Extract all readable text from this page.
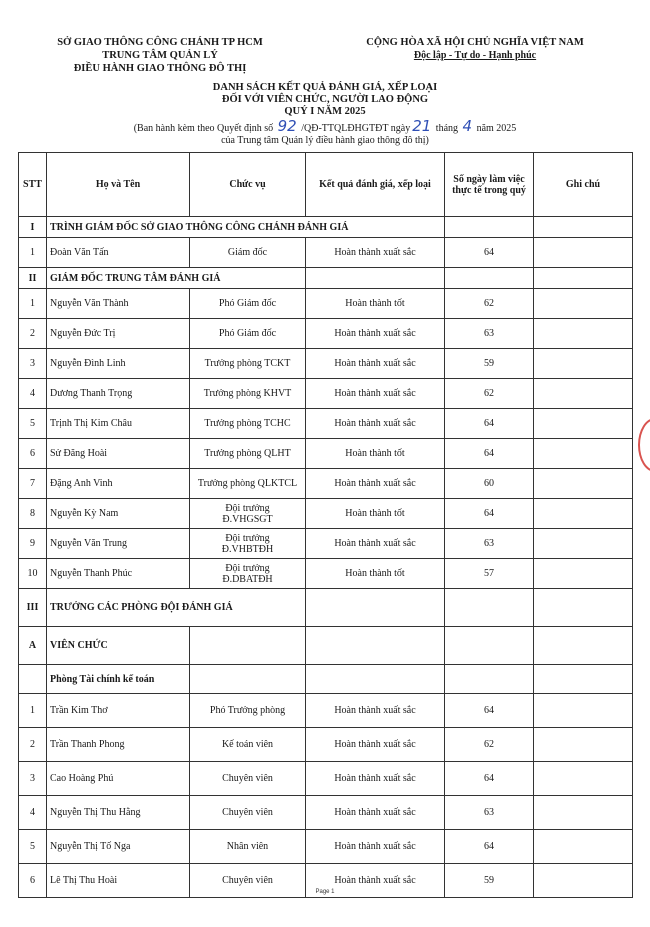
SỞ GIAO THÔNG CÔNG CHÁNH TP HCM
TRUNG TÂM QUẢN LÝ
ĐIỀU HÀNH GIAO THÔNG ĐÔ THỊ
CỘNG HÒA XÃ HỘI CHỦ NGHĨA VIỆT NAM
Độc lập - Tự do - Hạnh phúc
DANH SÁCH KẾT QUẢ ĐÁNH GIÁ, XẾP LOẠI
ĐỐI VỚI VIÊN CHỨC, NGƯỜI LAO ĐỘNG
QUÝ I NĂM 2025
(Ban hành kèm theo Quyết định số 92 /QĐ-TTQLĐHGTĐT ngày 21 tháng 4 năm 2025
của Trung tâm Quản lý điều hành giao thông đô thị)
STT	Họ và Tên	Chức vụ	Kết quả đánh giá, xếp loại	Số ngày làm việc thực tế trong quý	Ghi chú
I	TRÌNH GIÁM ĐỐC SỞ GIAO THÔNG CÔNG CHÁNH ĐÁNH GIÁ				
1	Đoàn Văn Tấn	Giám đốc	Hoàn thành xuất sắc	64	
II	GIÁM ĐỐC TRUNG TÂM ĐÁNH GIÁ				
1	Nguyễn Văn Thành	Phó Giám đốc	Hoàn thành tốt	62	
2	Nguyễn Đức Trị	Phó Giám đốc	Hoàn thành xuất sắc	63	
3	Nguyễn Đình Linh	Trưởng phòng TCKT	Hoàn thành xuất sắc	59	
4	Dương Thanh Trọng	Trưởng phòng KHVT	Hoàn thành xuất sắc	62	
5	Trịnh Thị Kim Châu	Trưởng phòng TCHC	Hoàn thành xuất sắc	64	
6	Sử Đăng Hoài	Trưởng phòng QLHT	Hoàn thành tốt	64	
7	Đặng Anh Vinh	Trưởng phòng QLKTCL	Hoàn thành xuất sắc	60	
8	Nguyễn Kỳ Nam	Đội trưởng
Đ.VHGSGT	Hoàn thành tốt	64	
9	Nguyễn Văn Trung	Đội trưởng
Đ.VHBTĐH	Hoàn thành xuất sắc	63	
10	Nguyễn Thanh Phúc	Đội trưởng
Đ.DBATĐH	Hoàn thành tốt	57	
III	TRƯỞNG CÁC PHÒNG ĐỘI ĐÁNH GIÁ				
A	VIÊN CHỨC				
	Phòng Tài chính kế toán				
1	Trần Kim Thơ	Phó Trưởng phòng	Hoàn thành xuất sắc	64	
2	Trần Thanh Phong	Kế toán viên	Hoàn thành xuất sắc	62	
3	Cao Hoàng Phú	Chuyên viên	Hoàn thành xuất sắc	64	
4	Nguyễn Thị Thu Hằng	Chuyên viên	Hoàn thành xuất sắc	63	
5	Nguyễn Thị Tố Nga	Nhân viên	Hoàn thành xuất sắc	64	
6	Lê Thị Thu Hoài	Chuyên viên	Hoàn thành xuất sắc	59	
Page 1
